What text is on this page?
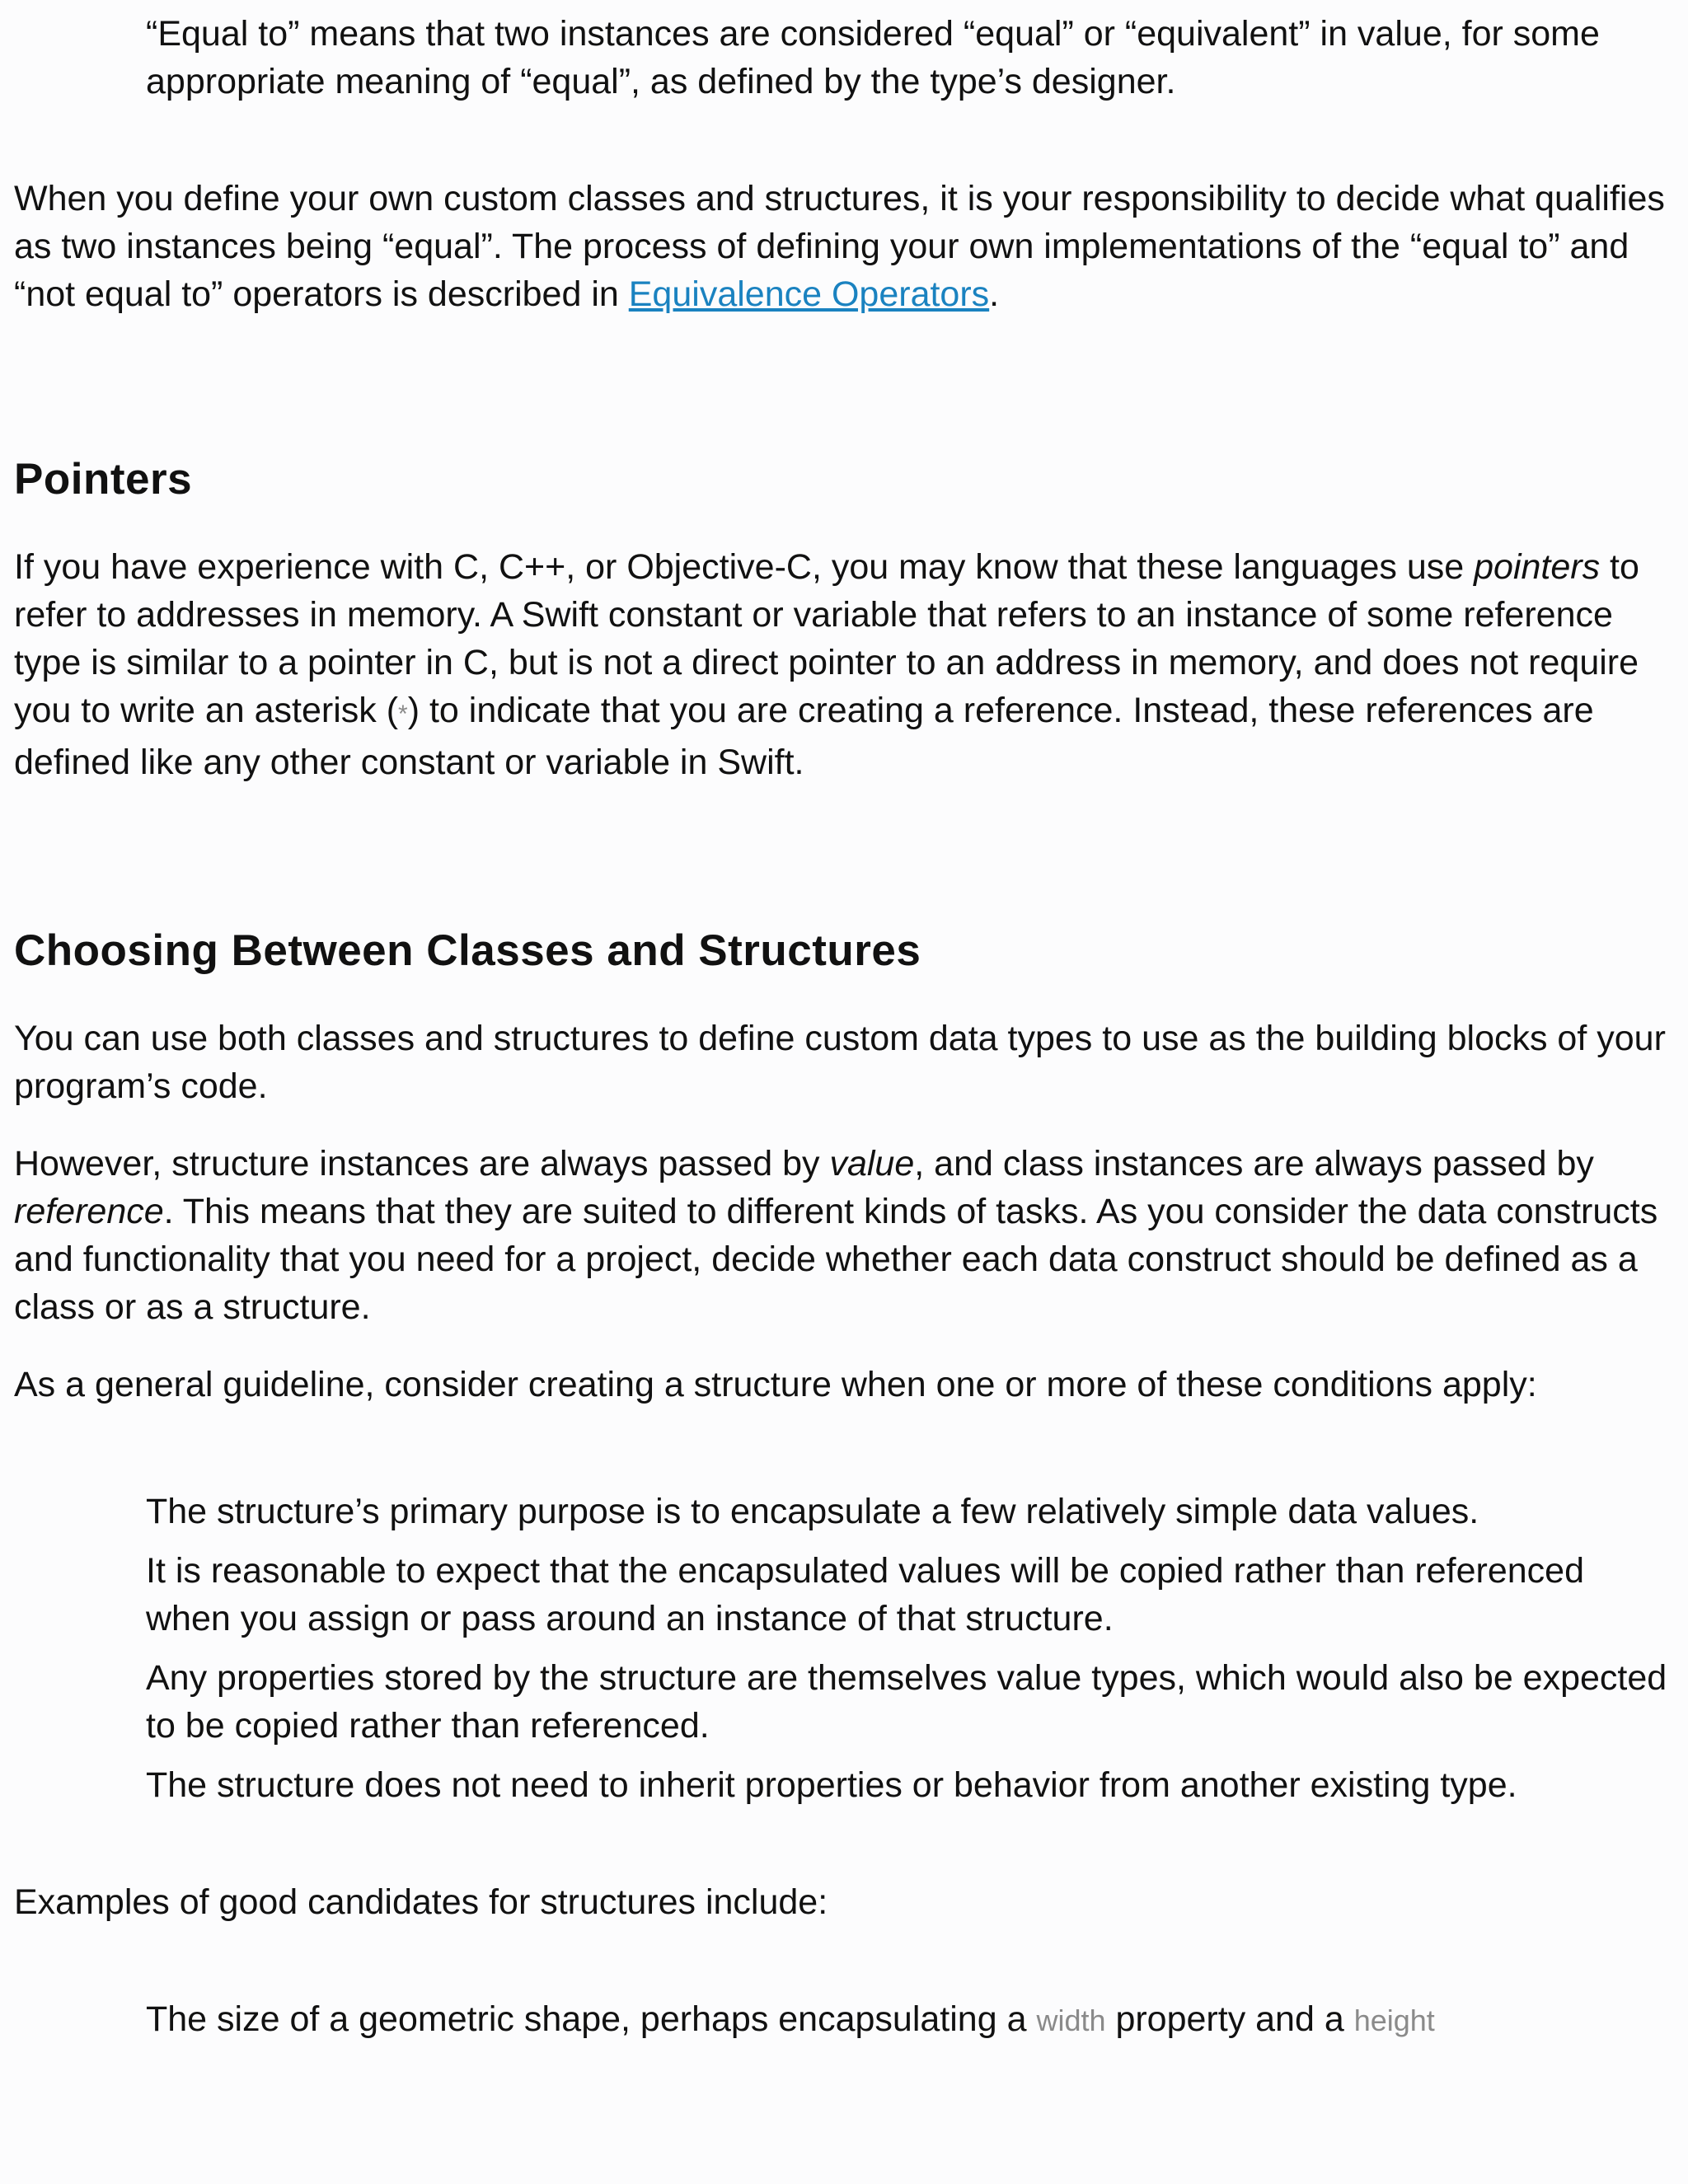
“Equal to” means that two instances are considered “equal” or “equivalent” in value, for some appropriate meaning of “equal”, as defined by the type’s designer.

When you define your own custom classes and structures, it is your responsibility to decide what qualifies as two instances being “equal”. The process of defining your own implementations of the “equal to” and “not equal to” operators is described in Equivalence Operators.

Pointers

If you have experience with C, C++, or Objective-C, you may know that these languages use pointers to refer to addresses in memory. A Swift constant or variable that refers to an instance of some reference type is similar to a pointer in C, but is not a direct pointer to an address in memory, and does not require you to write an asterisk (*) to indicate that you are creating a reference. Instead, these references are defined like any other constant or variable in Swift.

Choosing Between Classes and Structures

You can use both classes and structures to define custom data types to use as the building blocks of your program’s code.

However, structure instances are always passed by value, and class instances are always passed by reference. This means that they are suited to different kinds of tasks. As you consider the data constructs and functionality that you need for a project, decide whether each data construct should be defined as a class or as a structure.

As a general guideline, consider creating a structure when one or more of these conditions apply:

The structure’s primary purpose is to encapsulate a few relatively simple data values.

It is reasonable to expect that the encapsulated values will be copied rather than referenced when you assign or pass around an instance of that structure.

Any properties stored by the structure are themselves value types, which would also be expected to be copied rather than referenced.

The structure does not need to inherit properties or behavior from another existing type.

Examples of good candidates for structures include:

The size of a geometric shape, perhaps encapsulating a width property and a height
